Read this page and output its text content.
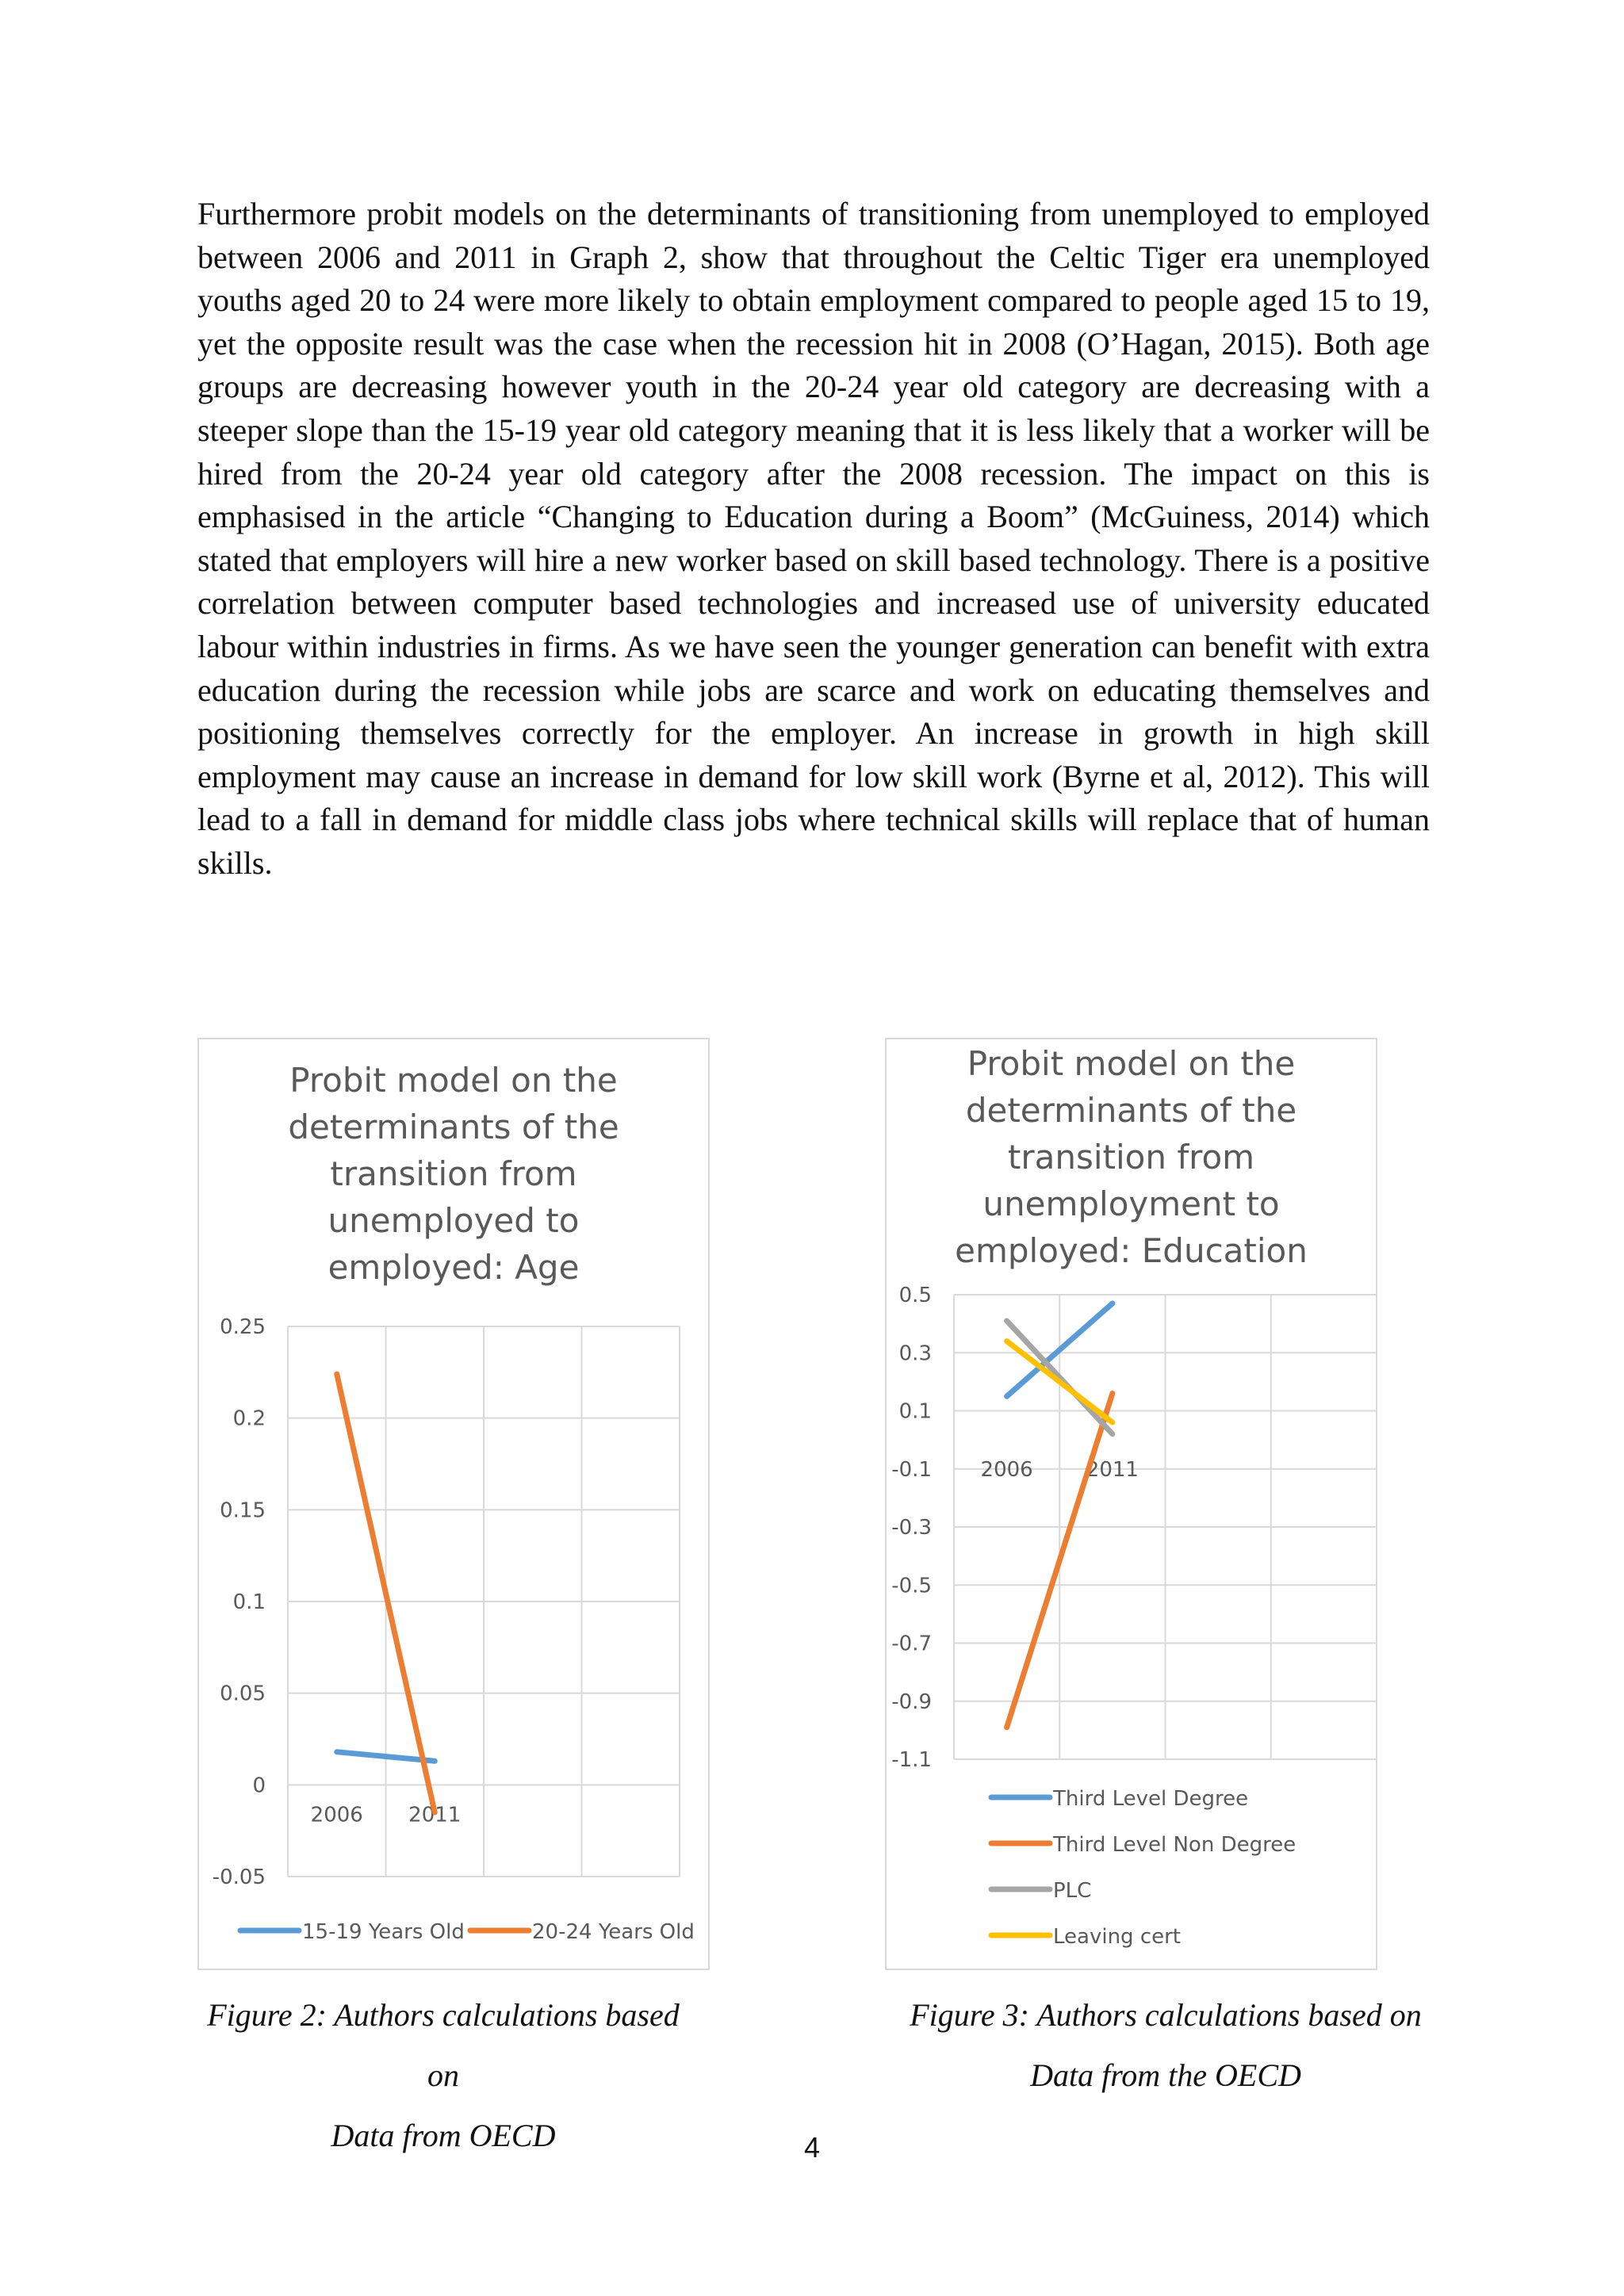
Furthermore probit models on the determinants of transitioning from unemployed to employed between 2006 and 2011 in Graph 2, show that throughout the Celtic Tiger era unemployed youths aged 20 to 24 were more likely to obtain employment compared to people aged 15 to 19, yet the opposite result was the case when the recession hit in 2008 (O’Hagan, 2015). Both age groups are decreasing however youth in the 20-24 year old category are decreasing with a steeper slope than the 15-19 year old category meaning that it is less likely that a worker will be hired from the 20-24 year old category after the 2008 recession. The impact on this is emphasised in the article “Changing to Education during a Boom” (McGuiness, 2014) which stated that employers will hire a new worker based on skill based technology. There is a positive correlation between computer based technologies and increased use of university educated labour within industries in firms. As we have seen the younger generation can benefit with extra education during the recession while jobs are scarce and work on educating themselves and positioning themselves correctly for the employer. An increase in growth in high skill employment may cause an increase in demand for low skill work (Byrne et al, 2012). This will lead to a fall in demand for middle class jobs where technical skills will replace that of human skills.

Probit model on the
determinants of the
transition from
unemployed to
employed: Age
-0.05
0
0.05
0.1
0.15
0.2
0.25
2006 2011
15-19 Years Old	20-24 Years Old
Probit model on the
determinants of the
transition from
unemployment to
employed: Education
-1.1
-0.9
-0.7
-0.5
-0.3
-0.1
0.1
0.3
0.5
2006	2011
Third Level Degree
Third Level Non Degree
PLC
Leaving cert
Figure 2: Authors calculations based on
Data from OECD
Figure 3: Authors calculations based on
Data from the OECD
4
